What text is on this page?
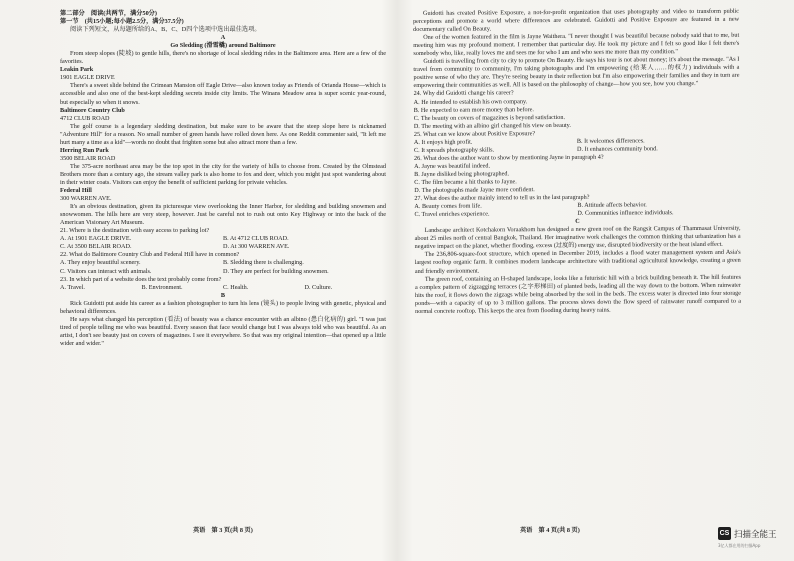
第二部分　阅读(共两节，满分50分)

第一节　(共15小题;每小题2.5分，满分37.5分)

阅读下列短文，从每题所给的A、B、C、D四个选项中选出最佳选项。

A

Go Sledding (滑雪橇) around Baltimore

From steep slopes (陡坡) to gentle hills, there's no shortage of local sledding rides in the Baltimore area. Here are a few of the favorites.

Leakin Park

1901 EAGLE DRIVE

There's a sweet slide behind the Crimean Mansion off Eagle Drive—also known today as Friends of Orianda House—which is accessible and also one of the best-kept sledding secrets inside city limits. The Winans Meadow area is super scenic year-round, but especially so when it snows.

Baltimore Country Club

4712 CLUB ROAD

The golf course is a legendary sledding destination, but make sure to be aware that the steep slope here is nicknamed "Adventure Hill" for a reason. No small number of green hands have rolled down here. As one Reddit commenter said, "It left me hurt many a time as a kid"—words no doubt that frighten some but also attract more than a few.

Herring Run Park

3500 BELAIR ROAD

The 375-acre northeast area may be the top spot in the city for the variety of hills to choose from. Created by the Olmstead Brothers more than a century ago, the stream valley park is also home to fox and deer, which you might just spot wandering about in their winter coats. Visitors can enjoy the benefit of sufficient parking for private vehicles.

Federal Hill

300 WARREN AVE.

It's an obvious destination, given its picturesque view overlooking the Inner Harbor, for sledding and building snowmen and snowwomen. The hills here are very steep, however. Just be careful not to rush out onto Key Highway or into the back of the American Visionary Art Museum.

21. Where is the destination with easy access to parking lot?

A. At 1901 EAGLE DRIVE.	B. At 4712 CLUB ROAD.
C. At 3500 BELAIR ROAD.	D. At 300 WARREN AVE.

22. What do Baltimore Country Club and Federal Hill have in common?

A. They enjoy beautiful scenery.	B. Sledding there is challenging.
C. Visitors can interact with animals.	D. They are perfect for building snowmen.

23. In which part of a website does the text probably come from?

A. Travel.	B. Environment.	C. Health.	D. Culture.

B

Rick Guidotti put aside his career as a fashion photographer to turn his lens (镜头) to people living with genetic, physical and behavioral differences.

He says what changed his perception (看法) of beauty was a chance encounter with an albino (患白化病的) girl. "I was just tired of people telling me who was beautiful. Every season that face would change but I was always told who was beautiful. As an artist, I don't see beauty just on covers of magazines. I see it everywhere. So that was my original intention—that opened up a little wider and wider."

英语　第 3 页(共 8 页)

Guidotti has created Positive Exposure, a not-for-profit organization that uses photography and video to transform public perceptions and promote a world where differences are celebrated. Guidotti and Positive Exposure are featured in a new documentary called On Beauty.

One of the women featured in the film is Jayne Waithera. "I never thought I was beautiful because nobody said that to me, but meeting him was my profound moment. I remember that particular day. He took my picture and I felt so good like I felt there's somebody who, like, really loves me and sees me for who I am and who sees me more than my condition."

Guidotti is travelling from city to city to promote On Beauty. He says his tour is not about money; it's about the message. "As I travel from community to community, I'm taking photographs and I'm empowering (给某人……的权力) individuals with a positive sense of who they are. They're seeing beauty in their reflection but I'm also empowering their families and they in turn are empowering their communities as well. All is based on the philosophy of change—how you see, how you change."

24. Why did Guidotti change his career?

A. He intended to establish his own company.

B. He expected to earn more money than before.

C. The beauty on covers of magazines is beyond satisfaction.

D. The meeting with an albino girl changed his view on beauty.

25. What can we know about Positive Exposure?

A. It enjoys high profit.	B. It welcomes differences.
C. It spreads photography skills.	D. It enhances community bond.

26. What does the author want to show by mentioning Jayne in paragraph 4?

A. Jayne was beautiful indeed.

B. Jayne disliked being photographed.

C. The film became a hit thanks to Jayne.

D. The photographs made Jayne more confident.

27. What does the author mainly intend to tell us in the last paragraph?

A. Beauty comes from life.	B. Attitude affects behavior.
C. Travel enriches experience.	D. Communities influence individuals.

C

Landscape architect Kotchakorn Voraakhom has designed a new green roof on the Rangsit Campus of Thammasat University, about 25 miles north of central Bangkok, Thailand. Her imaginative work challenges the common thinking that urbanization has a negative impact on the planet, whether flooding, excess (过度的) energy use, disrupted biodiversity or the heat island effect.

The 236,806-square-foot structure, which opened in December 2019, includes a flood water management system and Asia's largest rooftop organic farm. It combines modern landscape architecture with traditional agricultural knowledge, creating a green and friendly environment.

The green roof, containing an H-shaped landscape, looks like a futuristic hill with a brick building beneath it. The hill features a complex pattern of zigzagging terraces (之字形梯田) of planted beds, leading all the way down to the bottom. When rainwater hits the roof, it flows down the zigzags while being absorbed by the soil in the beds. The excess water is directed into four storage ponds—with a capacity of up to 3 million gallons. The process slows down the flow speed of rainwater runoff compared to a normal concrete rooftop. This keeps the area from flooding during heavy rains.

英语　第 4 页(共 8 页)	CS 扫描全能王
3亿人都在用的扫描App
